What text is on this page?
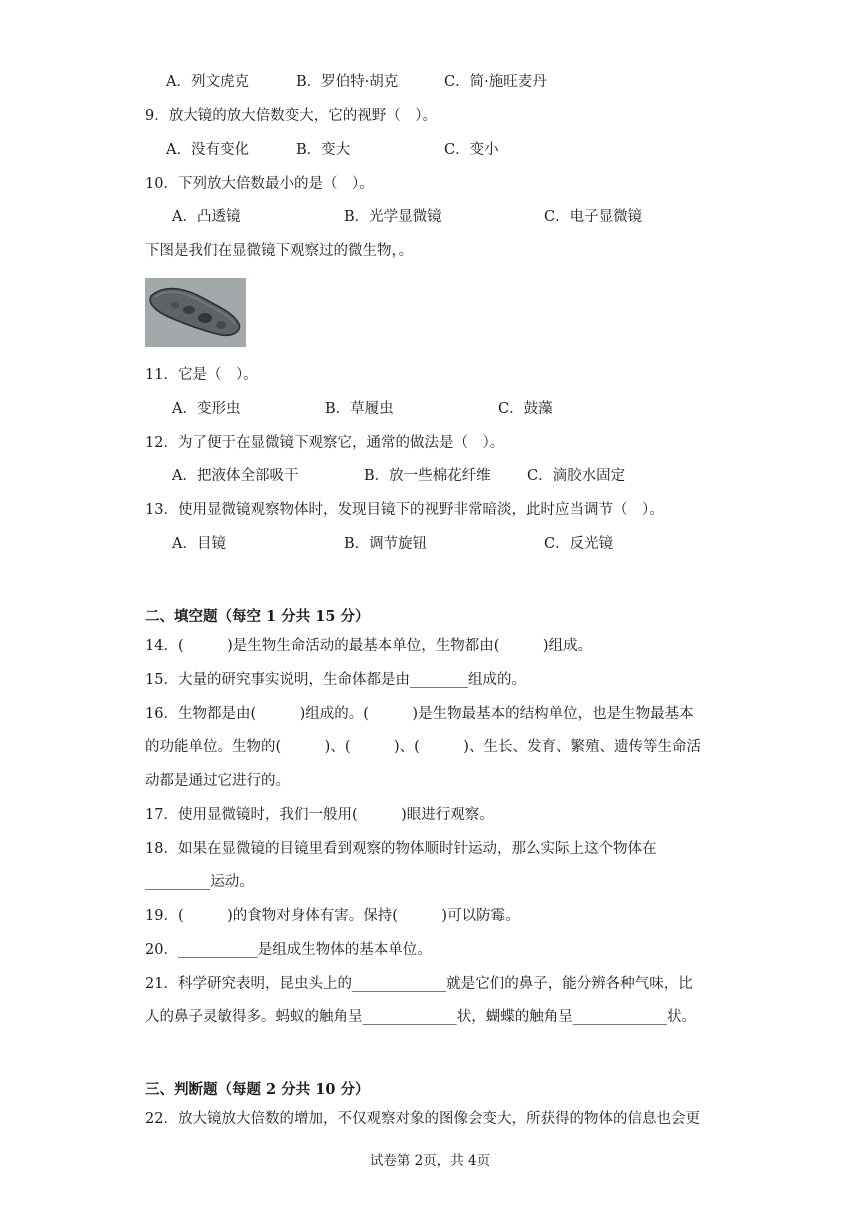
A．列文虎克	B．罗伯特·胡克	C．简·施旺麦丹
9．放大镜的放大倍数变大，它的视野（　）。
A．没有变化	B．变大	C．变小
10．下列放大倍数最小的是（　）。
A．凸透镜	B．光学显微镜	C．电子显微镜
下图是我们在显微镜下观察过的微生物，。
11．它是（　）。
A．变形虫	B．草履虫	C．鼓藻
12．为了便于在显微镜下观察它，通常的做法是（　）。
A．把液体全部吸干	B．放一些棉花纤维	C．滴胶水固定
13．使用显微镜观察物体时，发现目镜下的视野非常暗淡，此时应当调节（　）。
A．目镜	B．调节旋钮	C．反光镜
二、填空题（每空 1 分共 15 分）
14．(　　　)是生物生命活动的最基本单位，生物都由(　　　)组成。
15．大量的研究事实说明，生命体都是由________组成的。
16．生物都是由(　　　)组成的。(　　　)是生物最基本的结构单位，也是生物最基本
的功能单位。生物的(　　　)、(　　　)、(　　　)、生长、发育、繁殖、遗传等生命活
动都是通过它进行的。
17．使用显微镜时，我们一般用(　　　)眼进行观察。
18．如果在显微镜的目镜里看到观察的物体顺时针运动，那么实际上这个物体在
_________运动。
19．(　　　)的食物对身体有害。保持(　　　)可以防霉。
20．___________是组成生物体的基本单位。
21．科学研究表明，昆虫头上的_____________就是它们的鼻子，能分辨各种气味，比
人的鼻子灵敏得多。蚂蚁的触角呈_____________状，蝴蝶的触角呈_____________状。
三、判断题（每题 2 分共 10 分）
22．放大镜放大倍数的增加，不仅观察对象的图像会变大，所获得的物体的信息也会更
试卷第 2页，共 4页
